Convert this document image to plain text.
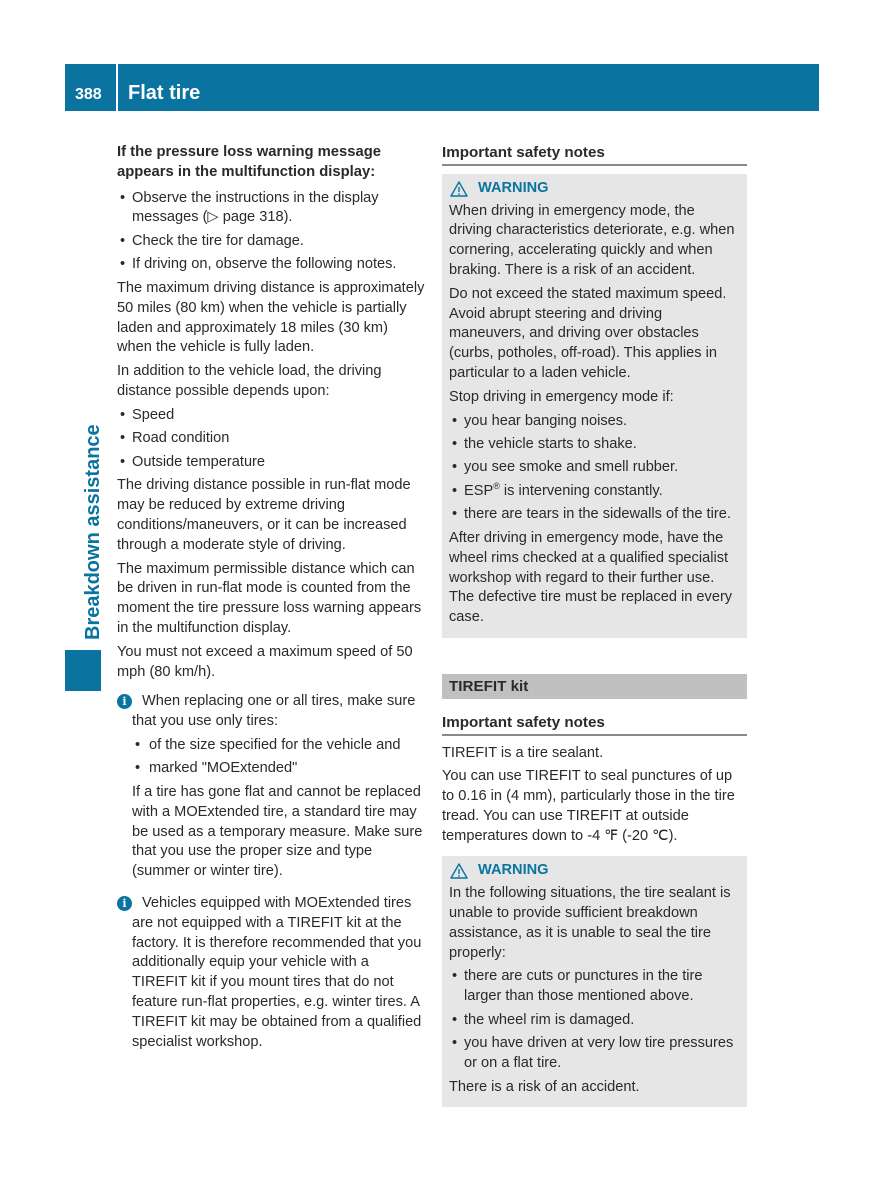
388 Flat tire
Breakdown assistance

If the pressure loss warning message appears in the multifunction display:

• Observe the instructions in the display messages (▷ page 318).
• Check the tire for damage.
• If driving on, observe the following notes.

The maximum driving distance is approximately 50 miles (80 km) when the vehicle is partially laden and approximately 18 miles (30 km) when the vehicle is fully laden.

In addition to the vehicle load, the driving distance possible depends upon:

• Speed
• Road condition
• Outside temperature

The driving distance possible in run-flat mode may be reduced by extreme driving conditions/maneuvers, or it can be increased through a moderate style of driving.

The maximum permissible distance which can be driven in run-flat mode is counted from the moment the tire pressure loss warning appears in the multifunction display.

You must not exceed a maximum speed of 50 mph (80 km/h).

i	When replacing one or all tires, make sure that you use only tires:

• of the size specified for the vehicle and
• marked "MOExtended"

If a tire has gone flat and cannot be replaced with a MOExtended tire, a standard tire may be used as a temporary measure. Make sure that you use the proper size and type (summer or winter tire).

i	Vehicles equipped with MOExtended tires are not equipped with a TIREFIT kit at the factory. It is therefore recommended that you additionally equip your vehicle with a TIREFIT kit if you mount tires that do not feature run-flat properties, e.g. winter tires. A TIREFIT kit may be obtained from a qualified specialist workshop.

Important safety notes
WARNING

When driving in emergency mode, the driving characteristics deteriorate, e.g. when cornering, accelerating quickly and when braking. There is a risk of an accident.

Do not exceed the stated maximum speed. Avoid abrupt steering and driving maneuvers, and driving over obstacles (curbs, potholes, off-road). This applies in particular to a laden vehicle.

Stop driving in emergency mode if:

• you hear banging noises.
• the vehicle starts to shake.
• you see smoke and smell rubber.
• ESP® is intervening constantly.
• there are tears in the sidewalls of the tire.

After driving in emergency mode, have the wheel rims checked at a qualified specialist workshop with regard to their further use. The defective tire must be replaced in every case.

TIREFIT kit
Important safety notes

TIREFIT is a tire sealant.

You can use TIREFIT to seal punctures of up to 0.16 in (4 mm), particularly those in the tire tread. You can use TIREFIT at outside temperatures down to -4 ℉ (-20 ℃).

WARNING

In the following situations, the tire sealant is unable to provide sufficient breakdown assistance, as it is unable to seal the tire properly:

• there are cuts or punctures in the tire larger than those mentioned above.
• the wheel rim is damaged.
• you have driven at very low tire pressures or on a flat tire.

There is a risk of an accident.
